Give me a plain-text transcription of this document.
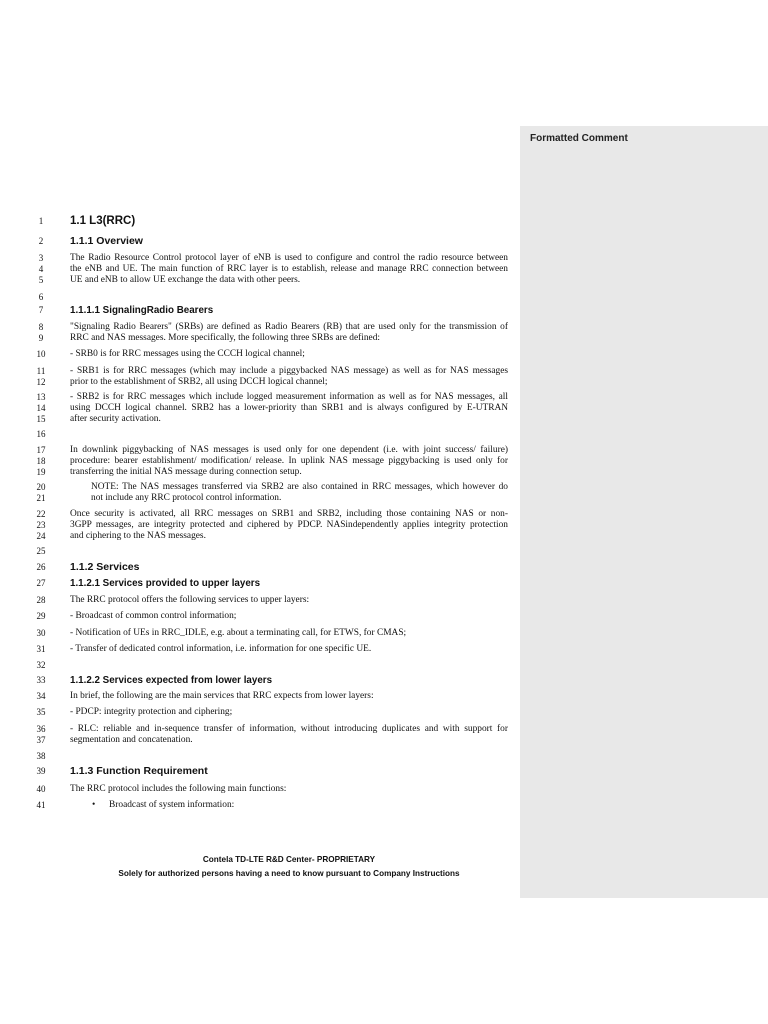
Formatted Comment
1	1.1 L3(RRC)
2	1.1.1 Overview
3	The Radio Resource Control protocol layer of eNB is used to configure and control the radio resource between
4	the eNB and UE. The main function of RRC layer is to establish, release and manage RRC connection between
5	UE and eNB to allow UE exchange the data with other peers.
6
7	1.1.1.1 SignalingRadio Bearers
8	"Signaling Radio Bearers" (SRBs) are defined as Radio Bearers (RB) that are used only for the transmission of
9	RRC and NAS messages. More specifically, the following three SRBs are defined:
10	- SRB0 is for RRC messages using the CCCH logical channel;
11	- SRB1 is for RRC messages (which may include a piggybacked NAS message) as well as for NAS messages
12	prior to the establishment of SRB2, all using DCCH logical channel;
13	- SRB2 is for RRC messages which include logged measurement information as well as for NAS messages, all
14	using DCCH logical channel. SRB2 has a lower-priority than SRB1 and is always configured by E-UTRAN
15	after security activation.
16
17	In downlink piggybacking of NAS messages is used only for one dependent (i.e. with joint success/ failure)
18	procedure: bearer establishment/ modification/ release. In uplink NAS message piggybacking is used only for
19	transferring the initial NAS message during connection setup.
20	NOTE: The NAS messages transferred via SRB2 are also contained in RRC messages, which however do
21	not include any RRC protocol control information.
22	Once security is activated, all RRC messages on SRB1 and SRB2, including those containing NAS or non-
23	3GPP messages, are integrity protected and ciphered by PDCP. NASindependently applies integrity protection
24	and ciphering to the NAS messages.
25
26	1.1.2 Services
27	1.1.2.1 Services provided to upper layers
28	The RRC protocol offers the following services to upper layers:
29	- Broadcast of common control information;
30	- Notification of UEs in RRC_IDLE, e.g. about a terminating call, for ETWS, for CMAS;
31	- Transfer of dedicated control information, i.e. information for one specific UE.
32
33	1.1.2.2 Services expected from lower layers
34	In brief, the following are the main services that RRC expects from lower layers:
35	- PDCP: integrity protection and ciphering;
36	- RLC: reliable and in-sequence transfer of information, without introducing duplicates and with support for
37	segmentation and concatenation.
38
39	1.1.3 Function Requirement
40	The RRC protocol includes the following main functions:
41	• Broadcast of system information:
Contela TD-LTE R&D Center- PROPRIETARY
Solely for authorized persons having a need to know pursuant to Company Instructions
